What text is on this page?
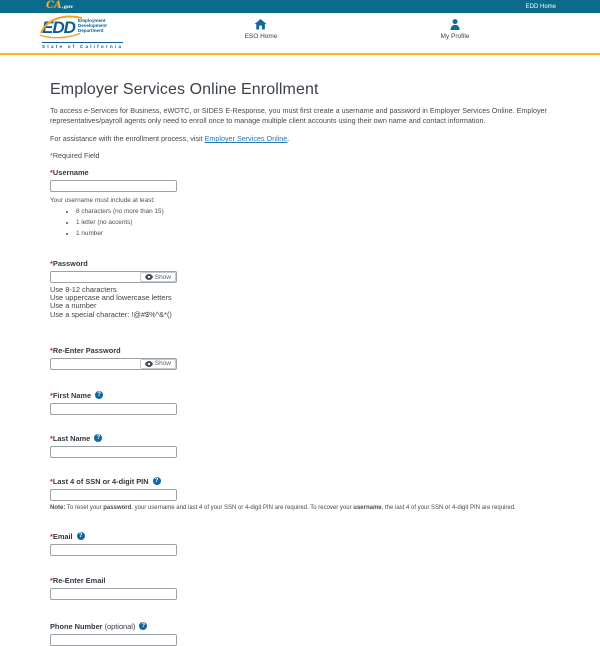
CA.gov	EDD Home
EDD Employment
Development
Department
State of California
ESO Home	My Profile
Employer Services Online Enrollment

To access e-Services for Business, eWOTC, or SIDES E-Response, you must first create a username and password in Employer Services Online. Employer representatives/payroll agents only need to enroll once to manage multiple client accounts using their own name and contact information.

For assistance with the enrollment process, visit Employer Services Online.

*Required Field

* Username
Your username must include at least:
• 8 characters (no more than 15)
• 1 letter (no accents)
• 1 number
* Password
Show
Use 8-12 characters
Use uppercase and lowercase letters
Use a number
Use a special character: !@#$%^&*()
* Re-Enter Password
Show
* First Name	?
* Last Name	?
* Last 4 of SSN or 4-digit PIN	?

Note: To reset your password, your username and last 4 of your SSN or 4-digit PIN are required. To recover your username, the last 4 of your SSN or 4-digit PIN are required.

* Email	?
* Re-Enter Email
Phone Number (optional)	?
